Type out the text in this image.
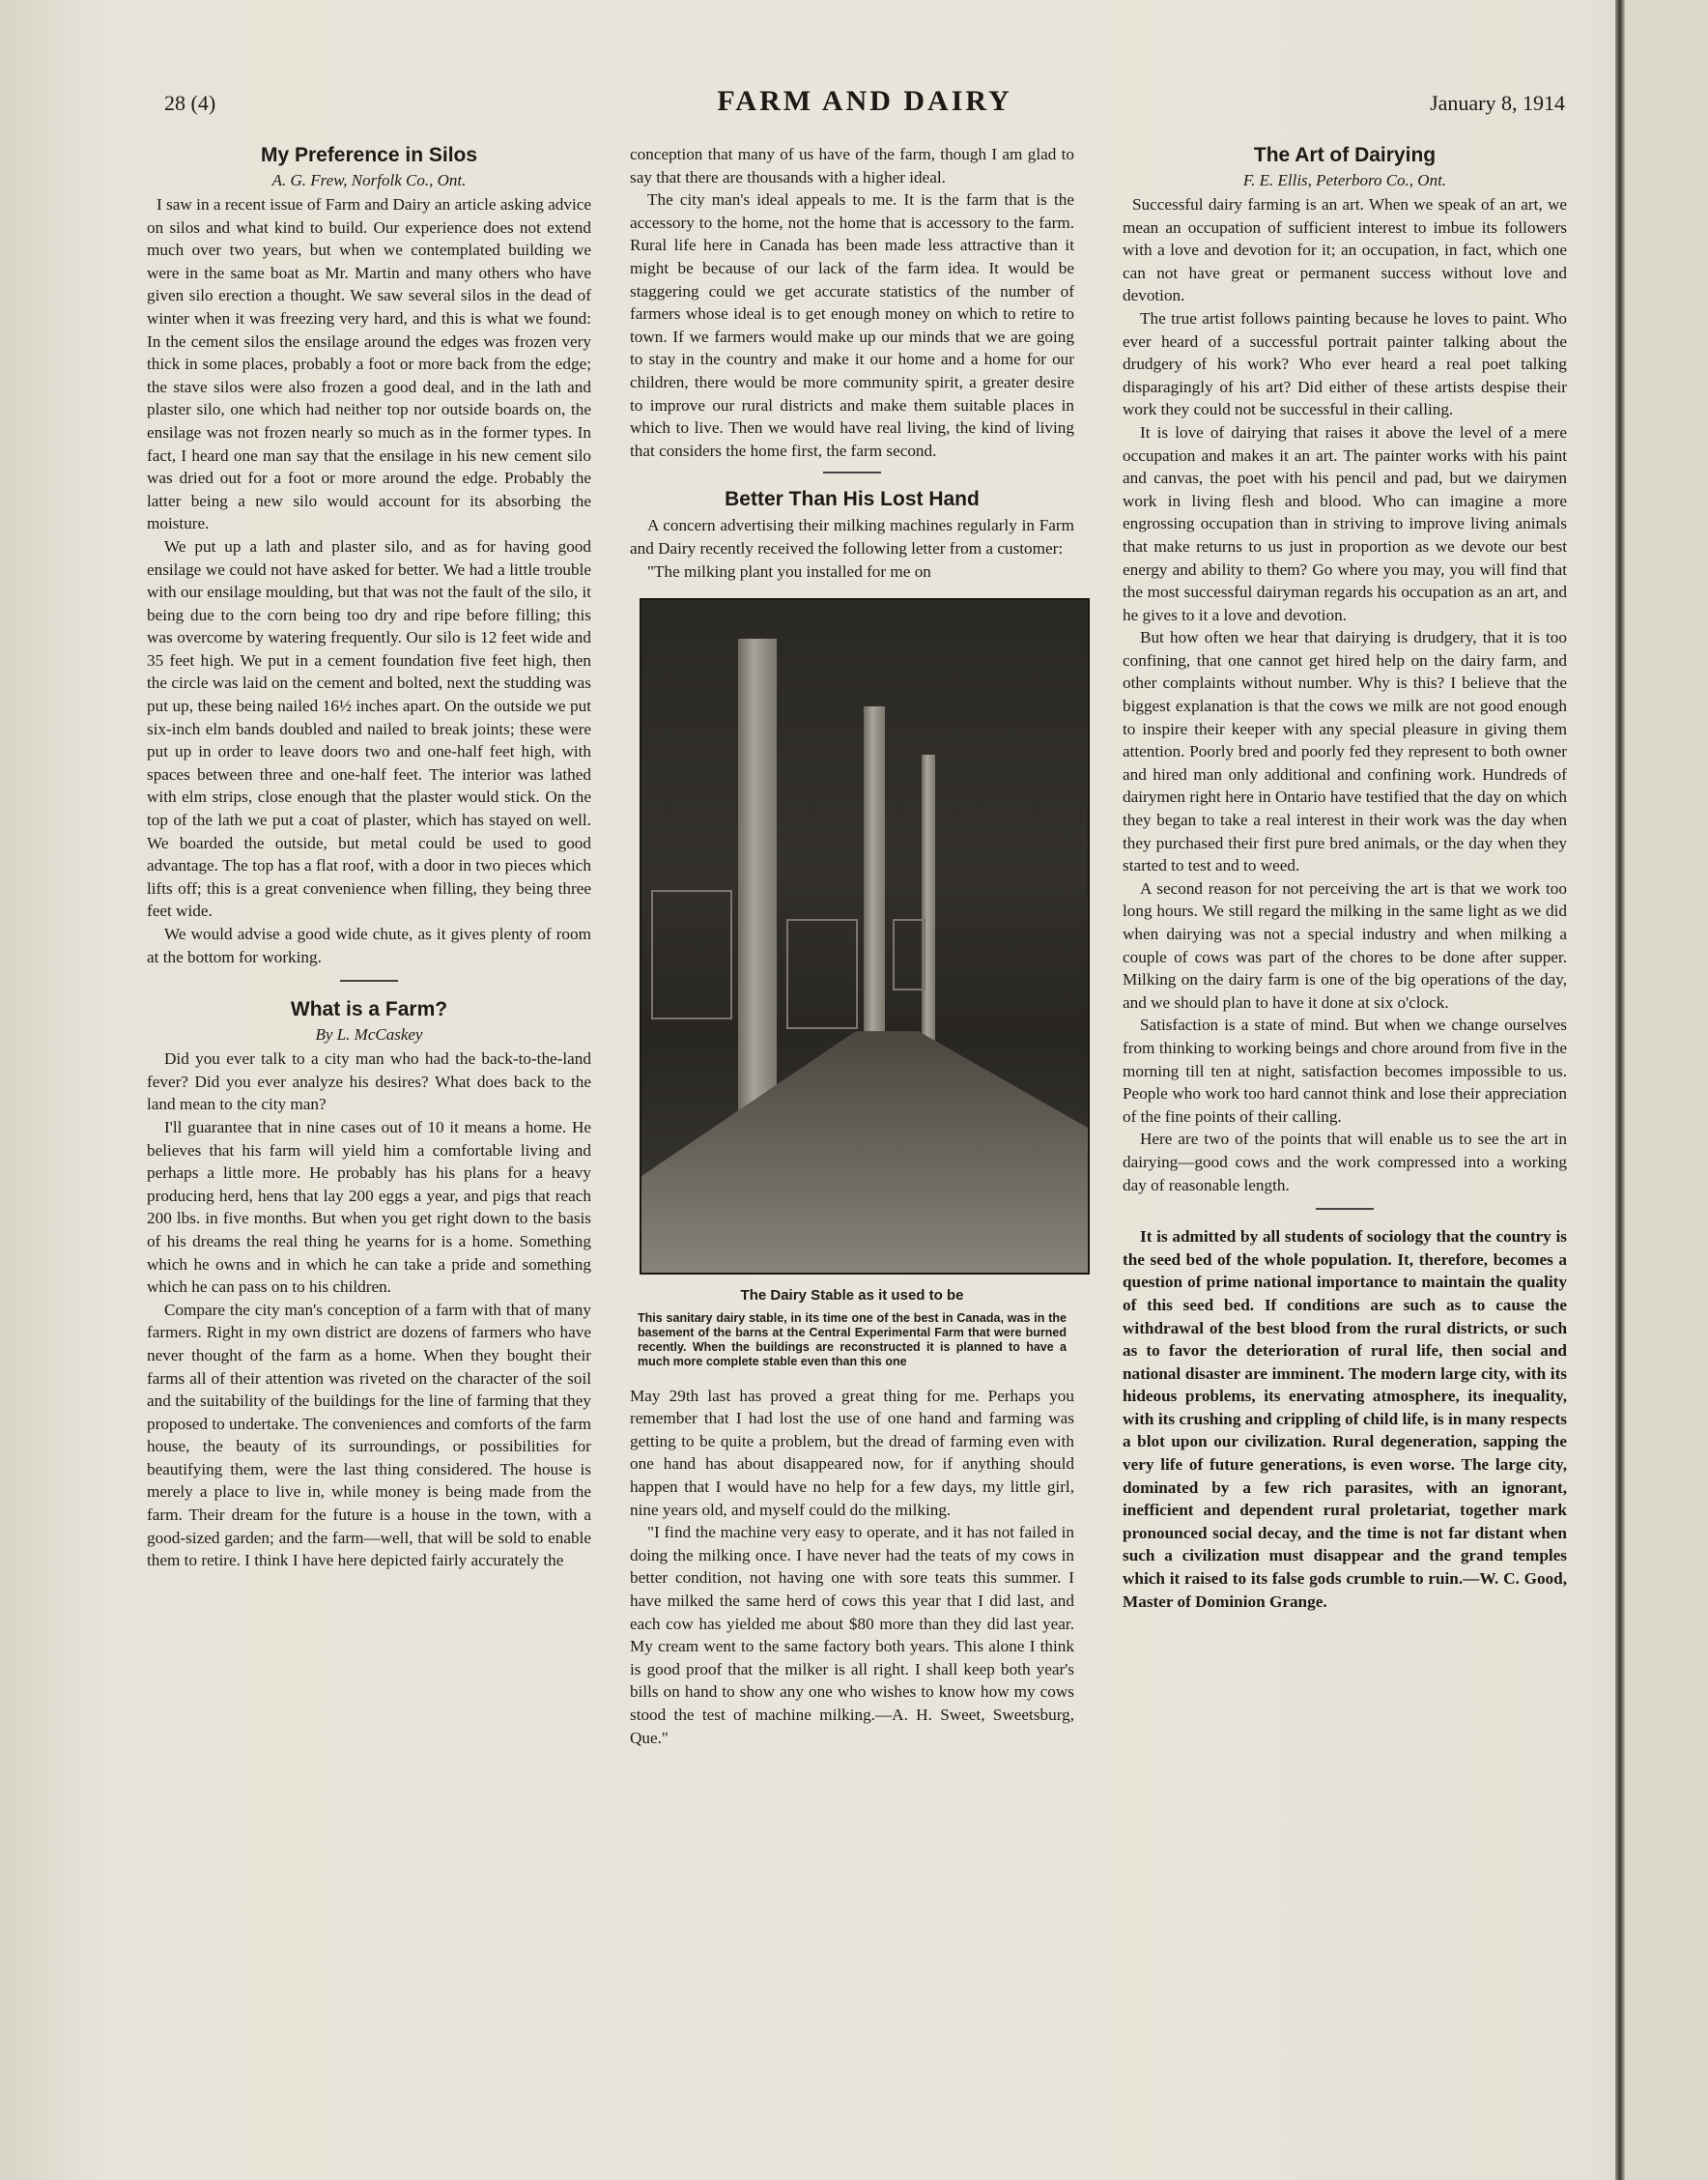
28 (4)	FARM AND DAIRY	January 8, 1914
My Preference in Silos
A. G. Frew, Norfolk Co., Ont.

I saw in a recent issue of Farm and Dairy an article asking advice on silos and what kind to build. Our experience does not extend much over two years, but when we contemplated building we were in the same boat as Mr. Martin and many others who have given silo erection a thought. We saw several silos in the dead of winter when it was freezing very hard, and this is what we found: In the cement silos the ensilage around the edges was frozen very thick in some places, probably a foot or more back from the edge; the stave silos were also frozen a good deal, and in the lath and plaster silo, one which had neither top nor outside boards on, the ensilage was not frozen nearly so much as in the former types. In fact, I heard one man say that the ensilage in his new cement silo was dried out for a foot or more around the edge. Probably the latter being a new silo would account for its absorbing the moisture.

We put up a lath and plaster silo, and as for having good ensilage we could not have asked for better. We had a little trouble with our ensilage moulding, but that was not the fault of the silo, it being due to the corn being too dry and ripe before filling; this was overcome by watering frequently. Our silo is 12 feet wide and 35 feet high. We put in a cement foundation five feet high, then the circle was laid on the cement and bolted, next the studding was put up, these being nailed 16½ inches apart. On the outside we put six-inch elm bands doubled and nailed to break joints; these were put up in order to leave doors two and one-half feet high, with spaces between three and one-half feet. The interior was lathed with elm strips, close enough that the plaster would stick. On the top of the lath we put a coat of plaster, which has stayed on well. We boarded the outside, but metal could be used to good advantage. The top has a flat roof, with a door in two pieces which lifts off; this is a great convenience when filling, they being three feet wide.

We would advise a good wide chute, as it gives plenty of room at the bottom for working.

What is a Farm?
By L. McCaskey

Did you ever talk to a city man who had the back-to-the-land fever? Did you ever analyze his desires? What does back to the land mean to the city man?

I'll guarantee that in nine cases out of 10 it means a home. He believes that his farm will yield him a comfortable living and perhaps a little more. He probably has his plans for a heavy producing herd, hens that lay 200 eggs a year, and pigs that reach 200 lbs. in five months. But when you get right down to the basis of his dreams the real thing he yearns for is a home. Something which he owns and in which he can take a pride and something which he can pass on to his children.

Compare the city man's conception of a farm with that of many farmers. Right in my own district are dozens of farmers who have never thought of the farm as a home. When they bought their farms all of their attention was riveted on the character of the soil and the suitability of the buildings for the line of farming that they proposed to undertake. The conveniences and comforts of the farm house, the beauty of its surroundings, or possibilities for beautifying them, were the last thing considered. The house is merely a place to live in, while money is being made from the farm. Their dream for the future is a house in the town, with a good-sized garden; and the farm—well, that will be sold to enable them to retire. I think I have here depicted fairly accurately the

conception that many of us have of the farm, though I am glad to say that there are thousands with a higher ideal.

The city man's ideal appeals to me. It is the farm that is the accessory to the home, not the home that is accessory to the farm. Rural life here in Canada has been made less attractive than it might be because of our lack of the farm idea. It would be staggering could we get accurate statistics of the number of farmers whose ideal is to get enough money on which to retire to town. If we farmers would make up our minds that we are going to stay in the country and make it our home and a home for our children, there would be more community spirit, a greater desire to improve our rural districts and make them suitable places in which to live. Then we would have real living, the kind of living that considers the home first, the farm second.

Better Than His Lost Hand

A concern advertising their milking machines regularly in Farm and Dairy recently received the following letter from a customer:

"The milking plant you installed for me on

The Dairy Stable as it used to be
This sanitary dairy stable, in its time one of the best in Canada, was in the basement of the barns at the Central Experimental Farm that were burned recently. When the buildings are reconstructed it is planned to have a much more complete stable even than this one

May 29th last has proved a great thing for me. Perhaps you remember that I had lost the use of one hand and farming was getting to be quite a problem, but the dread of farming even with one hand has about disappeared now, for if anything should happen that I would have no help for a few days, my little girl, nine years old, and myself could do the milking.

"I find the machine very easy to operate, and it has not failed in doing the milking once. I have never had the teats of my cows in better condition, not having one with sore teats this summer. I have milked the same herd of cows this year that I did last, and each cow has yielded me about $80 more than they did last year. My cream went to the same factory both years. This alone I think is good proof that the milker is all right. I shall keep both year's bills on hand to show any one who wishes to know how my cows stood the test of machine milking.—A. H. Sweet, Sweetsburg, Que."

The Art of Dairying
F. E. Ellis, Peterboro Co., Ont.

Successful dairy farming is an art. When we speak of an art, we mean an occupation of sufficient interest to imbue its followers with a love and devotion for it; an occupation, in fact, which one can not have great or permanent success without love and devotion.

The true artist follows painting because he loves to paint. Who ever heard of a successful portrait painter talking about the drudgery of his work? Who ever heard a real poet talking disparagingly of his art? Did either of these artists despise their work they could not be successful in their calling.

It is love of dairying that raises it above the level of a mere occupation and makes it an art. The painter works with his paint and canvas, the poet with his pencil and pad, but we dairymen work in living flesh and blood. Who can imagine a more engrossing occupation than in striving to improve living animals that make returns to us just in proportion as we devote our best energy and ability to them? Go where you may, you will find that the most successful dairyman regards his occupation as an art, and he gives to it a love and devotion.

But how often we hear that dairying is drudgery, that it is too confining, that one cannot get hired help on the dairy farm, and other complaints without number. Why is this? I believe that the biggest explanation is that the cows we milk are not good enough to inspire their keeper with any special pleasure in giving them attention. Poorly bred and poorly fed they represent to both owner and hired man only additional and confining work. Hundreds of dairymen right here in Ontario have testified that the day on which they began to take a real interest in their work was the day when they purchased their first pure bred animals, or the day when they started to test and to weed.

A second reason for not perceiving the art is that we work too long hours. We still regard the milking in the same light as we did when dairying was not a special industry and when milking a couple of cows was part of the chores to be done after supper. Milking on the dairy farm is one of the big operations of the day, and we should plan to have it done at six o'clock.

Satisfaction is a state of mind. But when we change ourselves from thinking to working beings and chore around from five in the morning till ten at night, satisfaction becomes impossible to us. People who work too hard cannot think and lose their appreciation of the fine points of their calling.

Here are two of the points that will enable us to see the art in dairying—good cows and the work compressed into a working day of reasonable length.

It is admitted by all students of sociology that the country is the seed bed of the whole population. It, therefore, becomes a question of prime national importance to maintain the quality of this seed bed. If conditions are such as to cause the withdrawal of the best blood from the rural districts, or such as to favor the deterioration of rural life, then social and national disaster are imminent. The modern large city, with its hideous problems, its enervating atmosphere, its inequality, with its crushing and crippling of child life, is in many respects a blot upon our civilization. Rural degeneration, sapping the very life of future generations, is even worse. The large city, dominated by a few rich parasites, with an ignorant, inefficient and dependent rural proletariat, together mark pronounced social decay, and the time is not far distant when such a civilization must disappear and the grand temples which it raised to its false gods crumble to ruin.—W. C. Good, Master of Dominion Grange.
